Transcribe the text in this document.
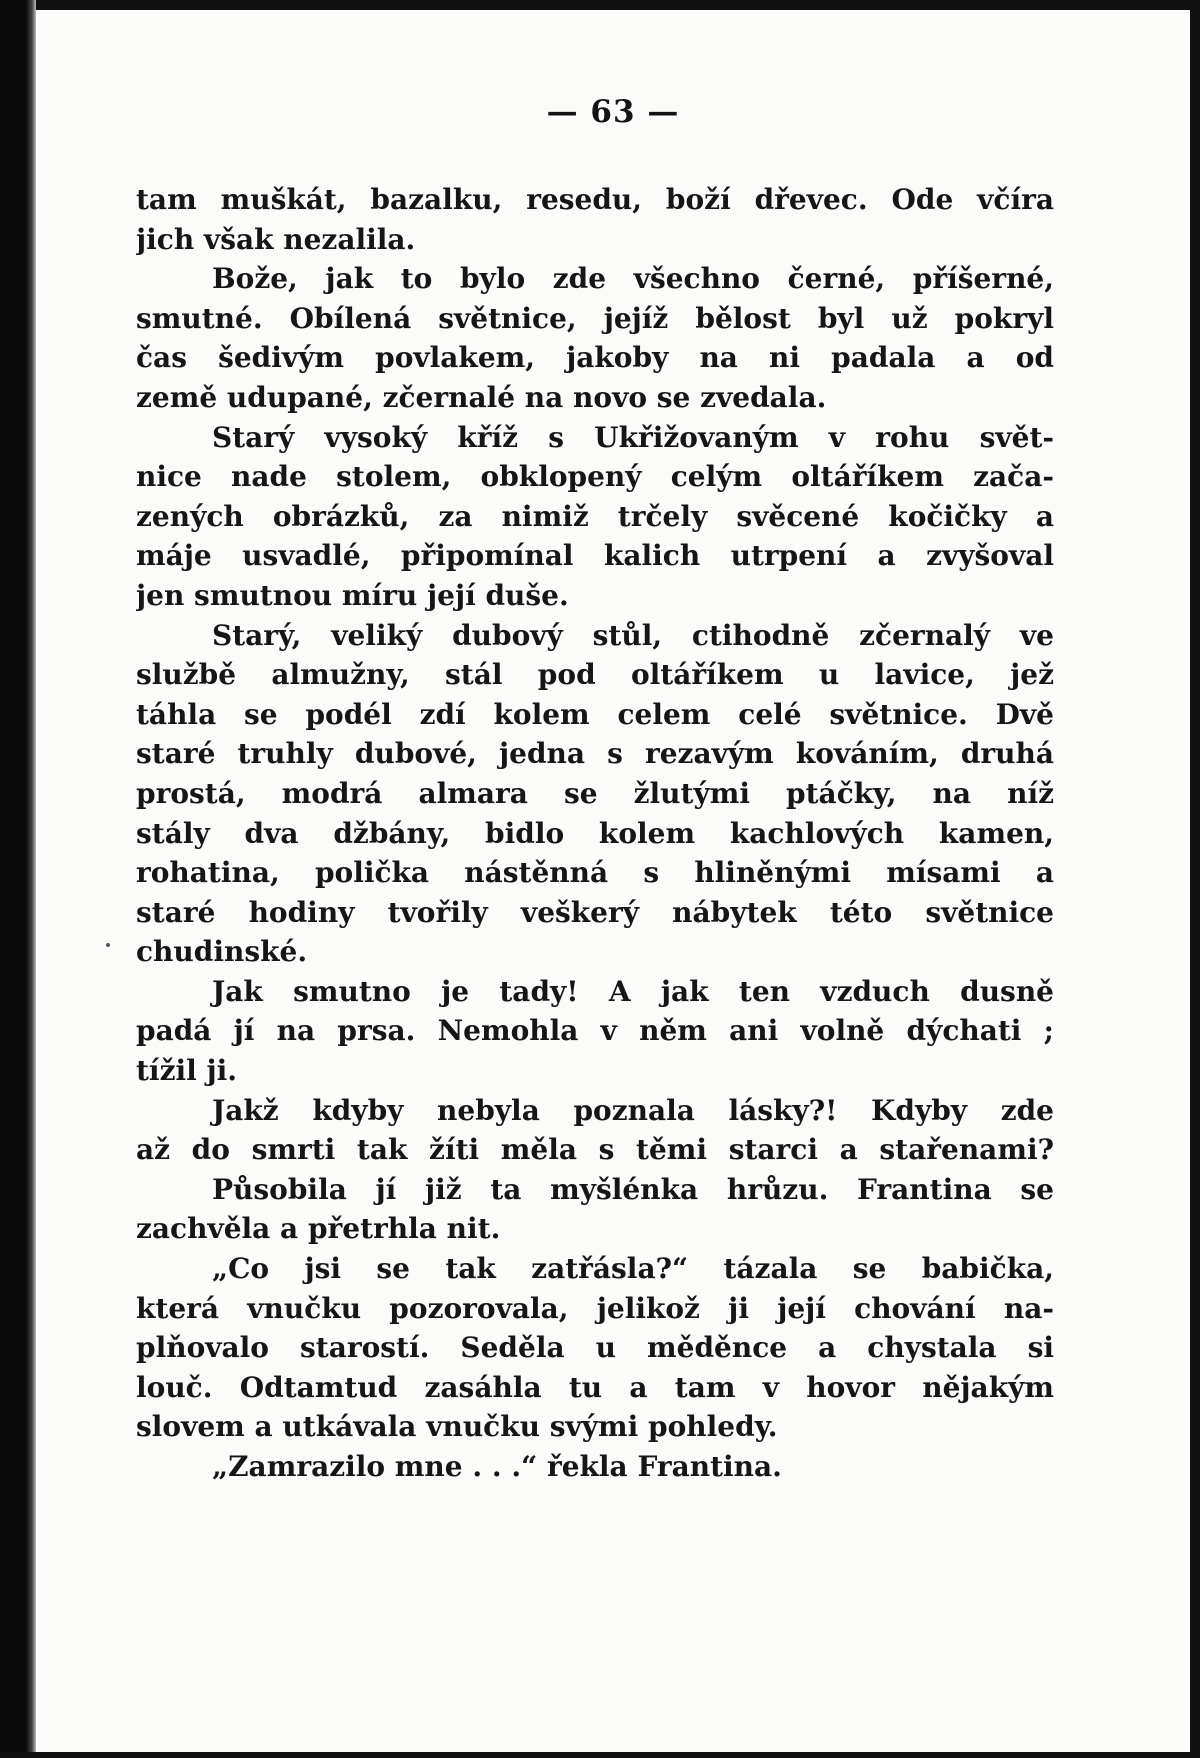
— 63 —
tam muškát, bazalku, resedu, boží dřevec. Ode včíra
jich však nezalila.
Bože, jak to bylo zde všechno černé, příšerné,
smutné. Obílená světnice, jejíž bělost byl už pokryl
čas šedivým povlakem, jakoby na ni padala a od
země udupané, zčernalé na novo se zvedala.
Starý vysoký kříž s Ukřižovaným v rohu svět-
nice nade stolem, obklopený celým oltáříkem zača-
zených obrázků, za nimiž trčely svěcené kočičky a
máje usvadlé, připomínal kalich utrpení a zvyšoval
jen smutnou míru její duše.
Starý, veliký dubový stůl, ctihodně zčernalý ve
službě almužny, stál pod oltáříkem u lavice, jež
táhla se podél zdí kolem celem celé světnice. Dvě
staré truhly dubové, jedna s rezavým kováním, druhá
prostá, modrá almara se žlutými ptáčky, na níž
stály dva džbány, bidlo kolem kachlových kamen,
rohatina, polička nástěnná s hliněnými mísami a
staré hodiny tvořily veškerý nábytek této světnice
chudinské.
Jak smutno je tady! A jak ten vzduch dusně
padá jí na prsa. Nemohla v něm ani volně dýchati ;
tížil ji.
Jakž kdyby nebyla poznala lásky?! Kdyby zde
až do smrti tak žíti měla s těmi starci a stařenami?
Působila jí již ta myšlénka hrůzu. Frantina se
zachvěla a přetrhla nit.
„Co jsi se tak zatřásla?“ tázala se babička,
která vnučku pozorovala, jelikož ji její chování na-
plňovalo starostí. Seděla u měděnce a chystala si
louč. Odtamtud zasáhla tu a tam v hovor nějakým
slovem a utkávala vnučku svými pohledy.
„Zamrazilo mne . . .“ řekla Frantina.
